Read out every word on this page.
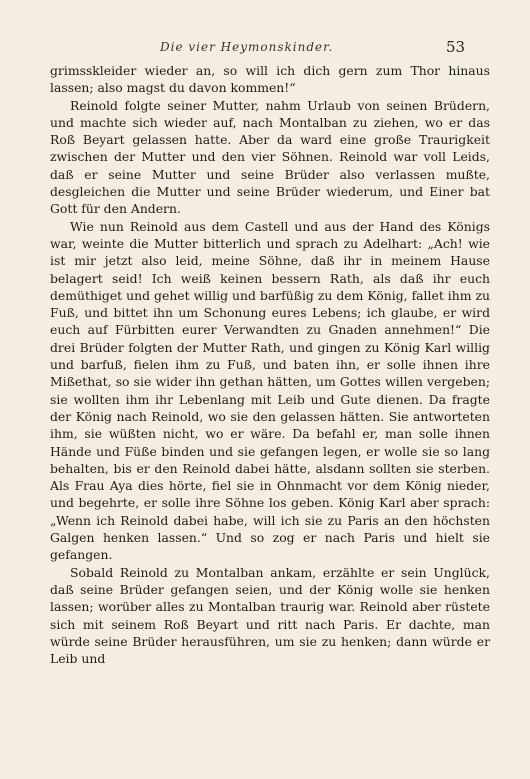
Die vier Heymonskinder.	53

grimsskleider wieder an, so will ich dich gern zum Thor hinaus lassen; also magst du davon kommen!“

Reinold folgte seiner Mutter, nahm Urlaub von seinen Brüdern, und machte sich wieder auf, nach Montalban zu ziehen, wo er das Roß Beyart gelassen hatte. Aber da ward eine große Traurigkeit zwischen der Mutter und den vier Söhnen. Reinold war voll Leids, daß er seine Mutter und seine Brüder also verlassen mußte, desgleichen die Mutter und seine Brüder wiederum, und Einer bat Gott für den Andern.

Wie nun Reinold aus dem Castell und aus der Hand des Königs war, weinte die Mutter bitterlich und sprach zu Adelhart: „Ach! wie ist mir jetzt also leid, meine Söhne, daß ihr in meinem Hause belagert seid! Ich weiß keinen bessern Rath, als daß ihr euch demüthiget und gehet willig und barfüßig zu dem König, fallet ihm zu Fuß, und bittet ihn um Schonung eures Lebens; ich glaube, er wird euch auf Fürbitten eurer Verwandten zu Gnaden annehmen!“ Die drei Brüder folgten der Mutter Rath, und gingen zu König Karl willig und barfuß, fielen ihm zu Fuß, und baten ihn, er solle ihnen ihre Mißethat, so sie wider ihn gethan hätten, um Gottes willen vergeben; sie wollten ihm ihr Lebenlang mit Leib und Gute dienen. Da fragte der König nach Reinold, wo sie den gelassen hätten. Sie antworteten ihm, sie wüßten nicht, wo er wäre. Da befahl er, man solle ihnen Hände und Füße binden und sie gefangen legen, er wolle sie so lang behalten, bis er den Reinold dabei hätte, alsdann sollten sie sterben. Als Frau Aya dies hörte, fiel sie in Ohnmacht vor dem König nieder, und begehrte, er solle ihre Söhne los geben. König Karl aber sprach: „Wenn ich Reinold dabei habe, will ich sie zu Paris an den höchsten Galgen henken lassen.“ Und so zog er nach Paris und hielt sie gefangen.

Sobald Reinold zu Montalban ankam, erzählte er sein Unglück, daß seine Brüder gefangen seien, und der König wolle sie henken lassen; worüber alles zu Montalban traurig war. Reinold aber rüstete sich mit seinem Roß Beyart und ritt nach Paris. Er dachte, man würde seine Brüder herausführen, um sie zu henken; dann würde er Leib und
